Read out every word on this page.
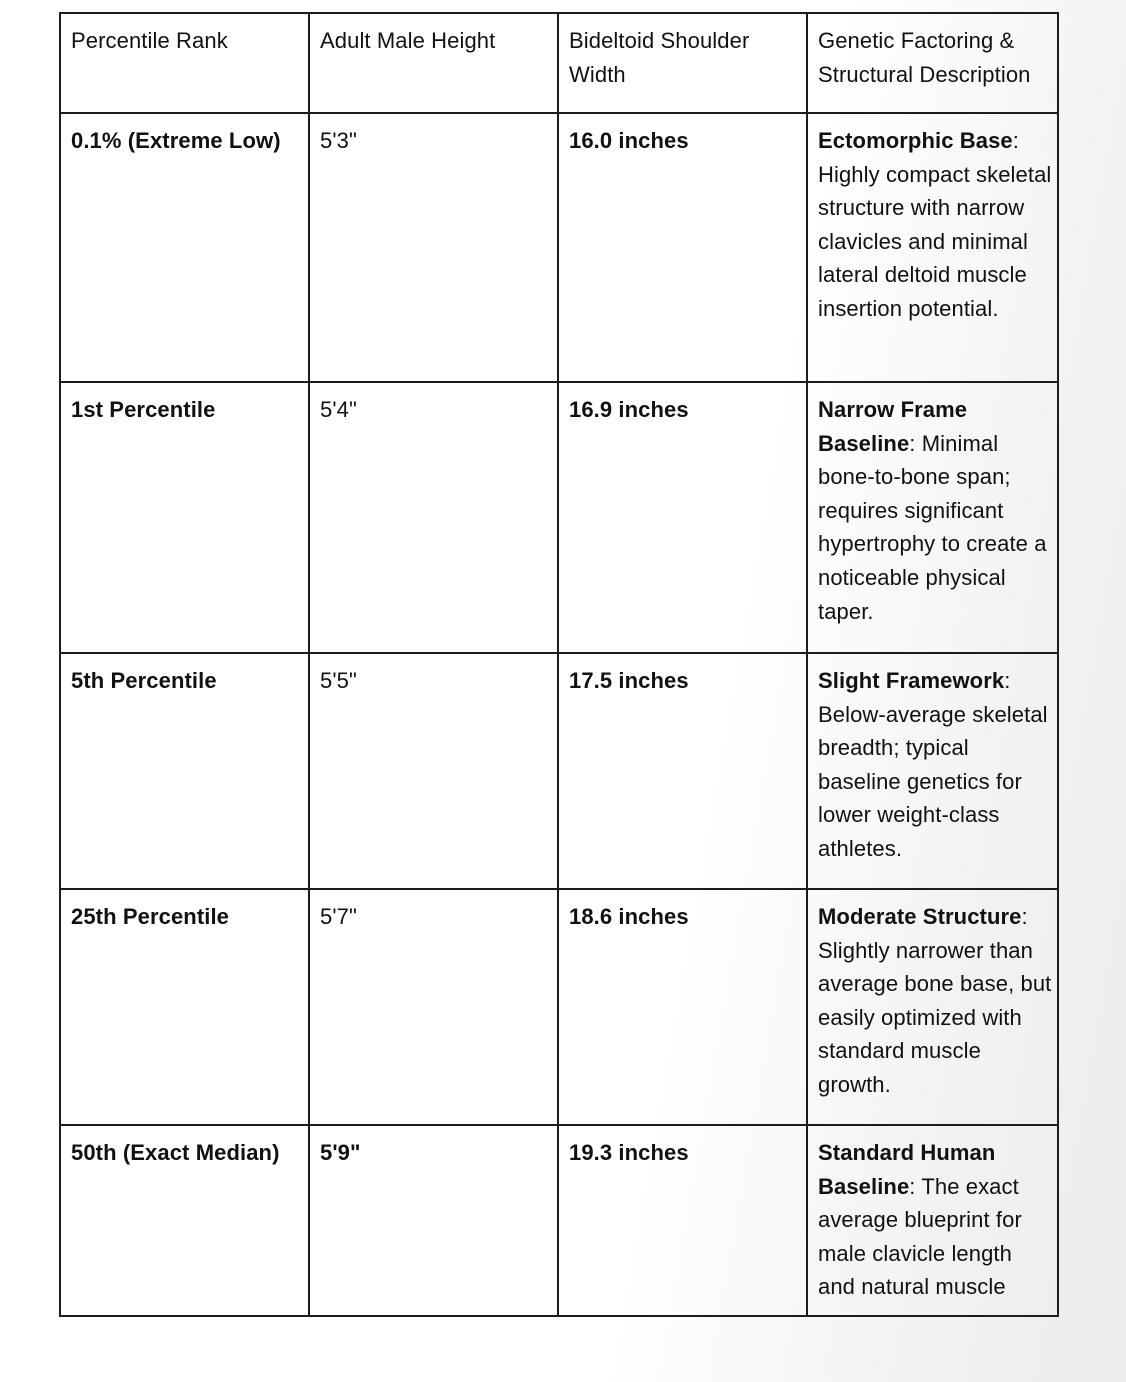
Percentile Rank	Adult Male Height	Bideltoid Shoulder Width	Genetic Factoring & Structural Description
0.1% (Extreme Low)	5'3"	16.0 inches	Ectomorphic Base: Highly compact skeletal structure with narrow clavicles and minimal lateral deltoid muscle insertion potential.
1st Percentile	5'4"	16.9 inches	Narrow Frame Baseline: Minimal bone-to-bone span; requires significant hypertrophy to create a noticeable physical taper.
5th Percentile	5'5"	17.5 inches	Slight Framework: Below-average skeletal breadth; typical baseline genetics for lower weight-class athletes.
25th Percentile	5'7"	18.6 inches	Moderate Structure: Slightly narrower than average bone base, but easily optimized with standard muscle growth.
50th (Exact Median)	5'9"	19.3 inches	Standard Human Baseline: The exact average blueprint for male clavicle length and natural muscle
